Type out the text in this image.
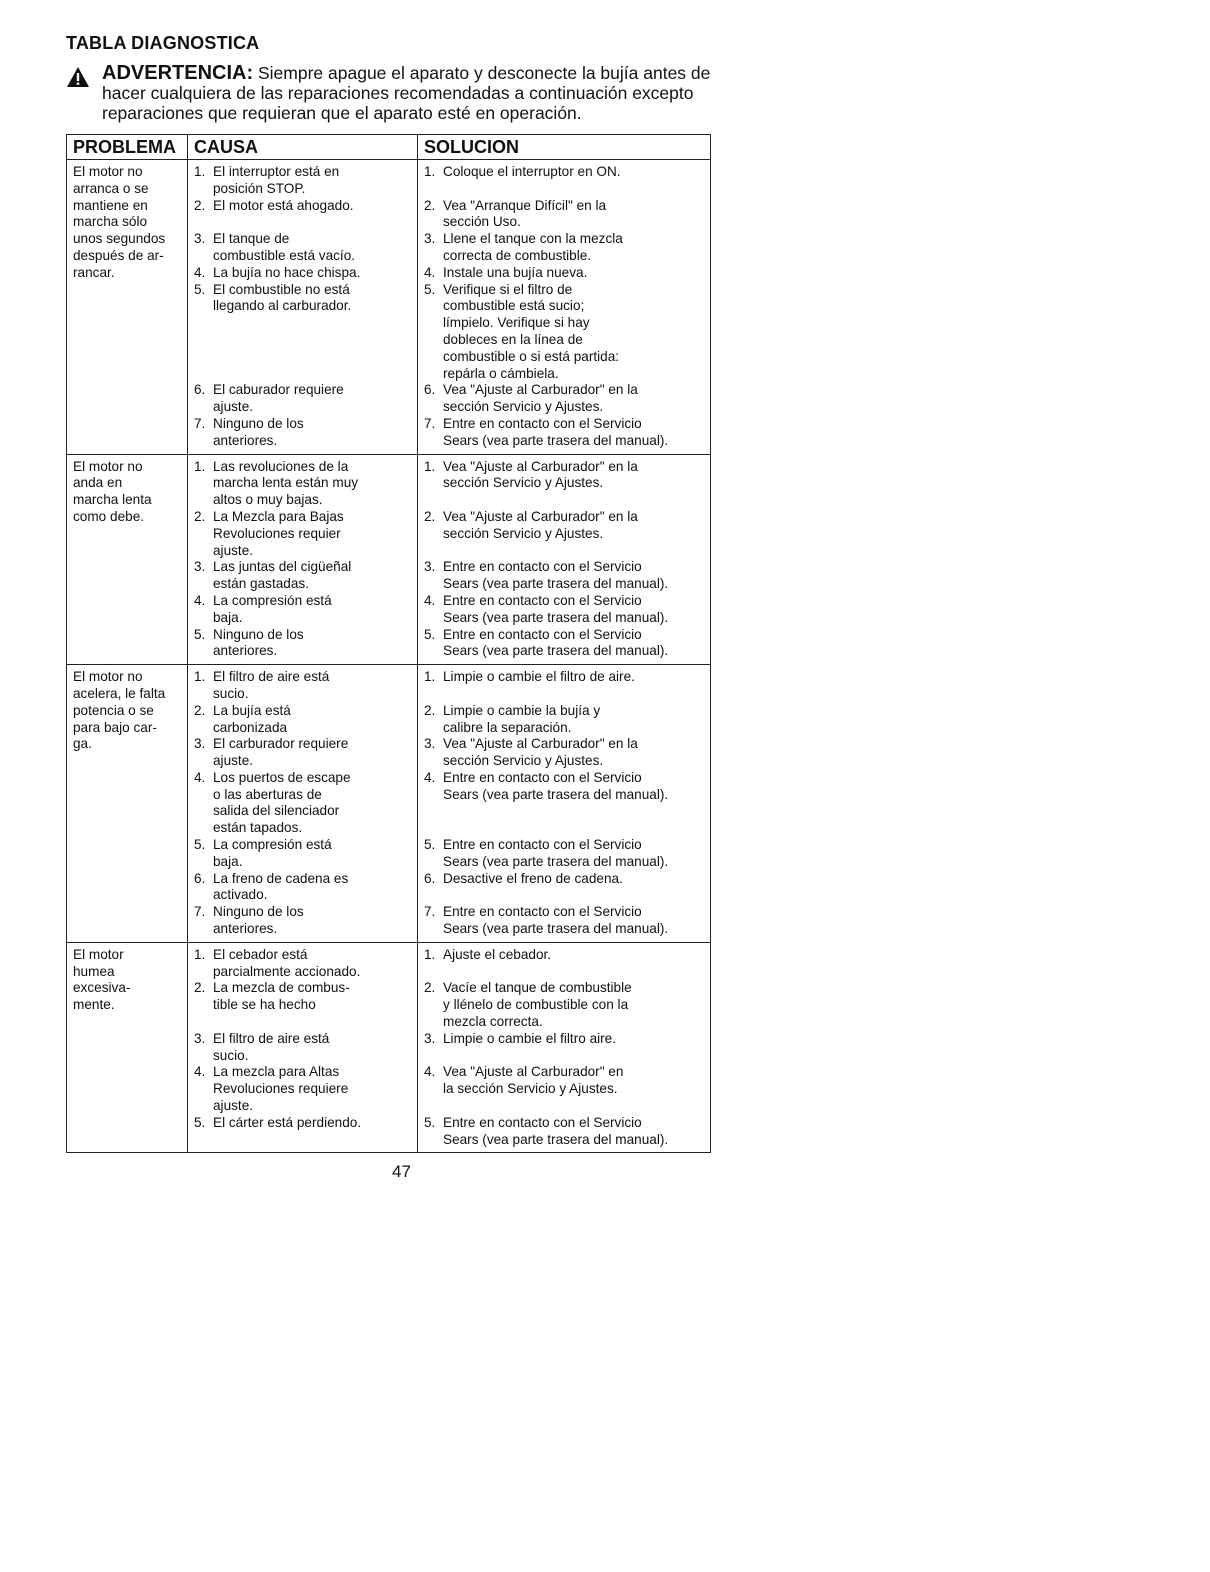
TABLA DIAGNOSTICA
ADVERTENCIA: Siempre apague el aparato y desconecte la bujía antes de hacer cualquiera de las reparaciones recomendadas a continuación excepto reparaciones que requieran que el aparato esté en operación.
PROBLEMA	CAUSA	SOLUCION
El motor no
arranca o se
mantiene en
marcha sólo
unos segundos
después de ar-
rancar.
1. El interruptor está en
posición STOP.
2. El motor está ahogado.
3. El tanque de
combustible está vacío.
4. La bujía no hace chispa.
5. El combustible no está
llegando al carburador.
6. El caburador requiere
ajuste.
7. Ninguno de los
anteriores.
1. Coloque el interruptor en ON.
2. Vea "Arranque Difícil" en la
sección Uso.
3. Llene el tanque con la mezcla
correcta de combustible.
4. Instale una bujía nueva.
5. Verifique si el filtro de
combustible está sucio;
límpielo. Verifique si hay
dobleces en la línea de
combustible o si está partida:
repárla o cámbiela.
6. Vea "Ajuste al Carburador" en la
sección Servicio y Ajustes.
7. Entre en contacto con el Servicio
Sears (vea parte trasera del manual).
El motor no
anda en
marcha lenta
como debe.
1. Las revoluciones de la
marcha lenta están muy
altos o muy bajas.
2. La Mezcla para Bajas
Revoluciones requier
ajuste.
3. Las juntas del cigüeñal
están gastadas.
4. La compresión está
baja.
5. Ninguno de los
anteriores.
1. Vea "Ajuste al Carburador" en la
sección Servicio y Ajustes.
2. Vea "Ajuste al Carburador" en la
sección Servicio y Ajustes.
3. Entre en contacto con el Servicio
Sears (vea parte trasera del manual).
4. Entre en contacto con el Servicio
Sears (vea parte trasera del manual).
5. Entre en contacto con el Servicio
Sears (vea parte trasera del manual).
El motor no
acelera, le falta
potencia o se
para bajo car-
ga.
1. El filtro de aire está
sucio.
2. La bujía está
carbonizada
3. El carburador requiere
ajuste.
4. Los puertos de escape
o las aberturas de
salida del silenciador
están tapados.
5. La compresión está
baja.
6. La freno de cadena es
activado.
7. Ninguno de los
anteriores.
1. Limpie o cambie el filtro de aire.
2. Limpie o cambie la bujía y
calibre la separación.
3. Vea "Ajuste al Carburador" en la
sección Servicio y Ajustes.
4. Entre en contacto con el Servicio
Sears (vea parte trasera del manual).
5. Entre en contacto con el Servicio
Sears (vea parte trasera del manual).
6. Desactive el freno de cadena.
7. Entre en contacto con el Servicio
Sears (vea parte trasera del manual).
El motor
humea
excesiva-
mente.
1. El cebador está
parcialmente accionado.
2. La mezcla de combus-
tible se ha hecho
3. El filtro de aire está
sucio.
4. La mezcla para Altas
Revoluciones requiere
ajuste.
5. El cárter está perdiendo.
1. Ajuste el cebador.
2. Vacíe el tanque de combustible
y llénelo de combustible con la
mezcla correcta.
3. Limpie o cambie el filtro aire.
4. Vea "Ajuste al Carburador" en
la sección Servicio y Ajustes.
5. Entre en contacto con el Servicio
Sears (vea parte trasera del manual).
47
